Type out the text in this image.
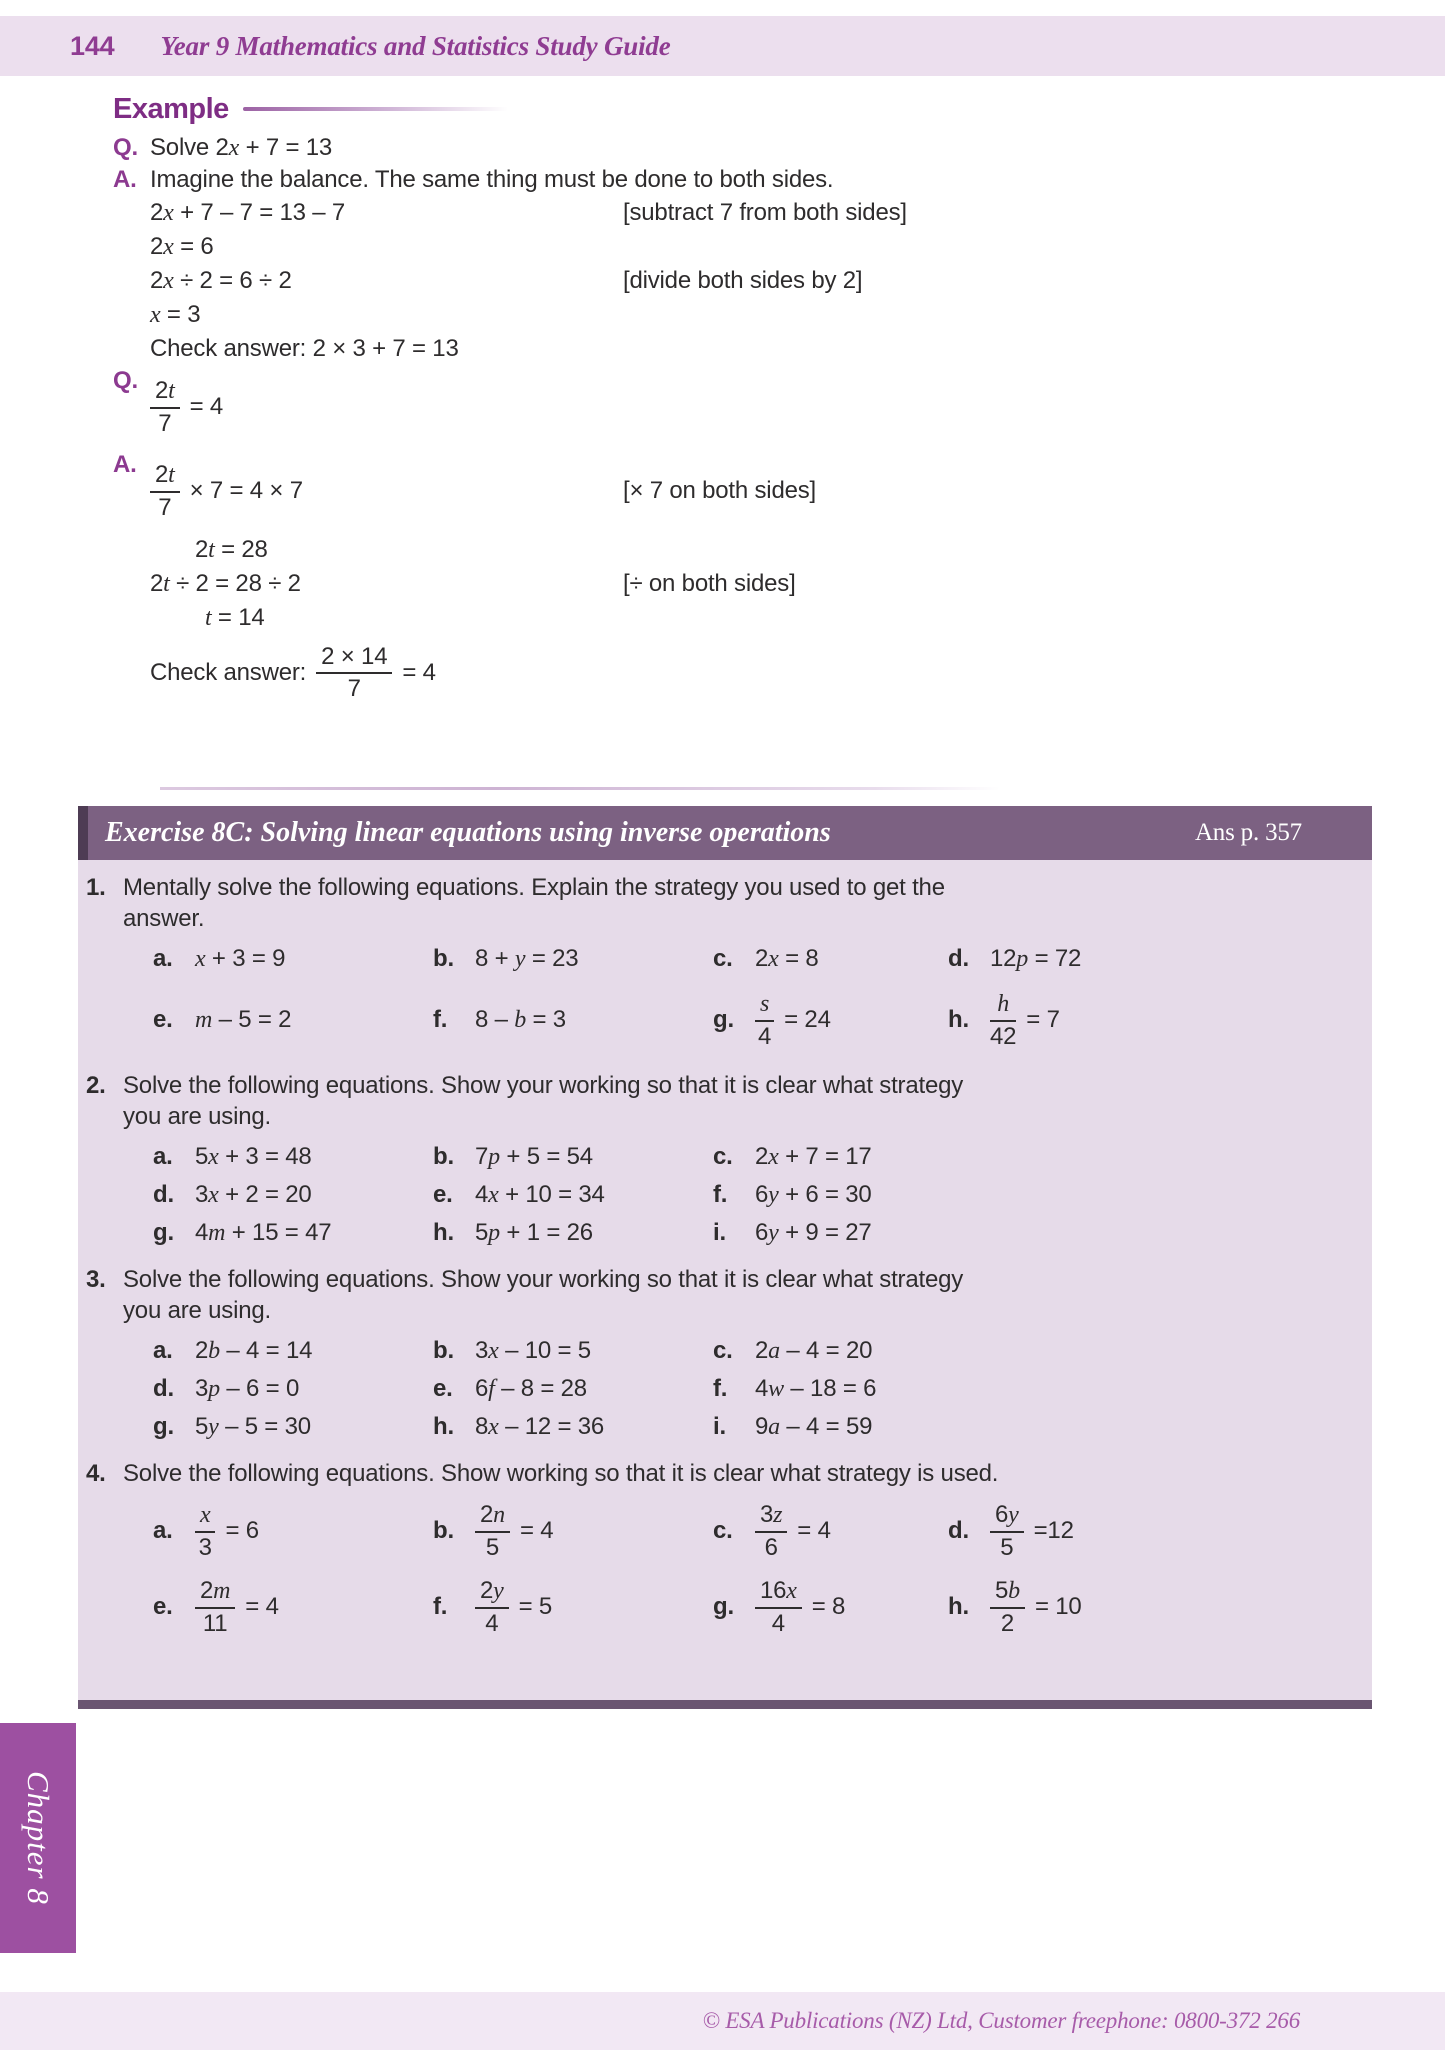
144 Year 9 Mathematics and Statistics Study Guide
Example
Q. Solve 2x + 7 = 13
A. Imagine the balance. The same thing must be done to both sides.
2x + 7 – 7 = 13 – 7	[subtract 7 from both sides]
2x = 6
2x ÷ 2 = 6 ÷ 2	[divide both sides by 2]
x = 3
Check answer: 2 × 3 + 7 = 13
Q. $\frac{2t}{7} = 4$
A. $\frac{2t}{7} \times 7 = 4 \times 7$	[× 7 on both sides]
2t = 28
2t ÷ 2 = 28 ÷ 2	[÷ on both sides]
t = 14
Check answer: $\frac{2 \times 14}{7} = 4$
Exercise 8C: Solving linear equations using inverse operations	Ans p. 357
1. Mentally solve the following equations. Explain the strategy you used to get the
answer.
a. x + 3 = 9	b. 8 + y = 23	c. 2x = 8	d. 12p = 72
e. m – 5 = 2	f.	8 – b = 3	g. $\frac{s}{4} = 24$	h. $\frac{h}{42} = 7$
2. Solve the following equations. Show your working so that it is clear what strategy
you are using.
a. 5x + 3 = 48	b. 7p + 5 = 54	c. 2x + 7 = 17
d. 3x + 2 = 20	e. 4x + 10 = 34	f.	6y + 6 = 30
g. 4m + 15 = 47	h. 5p + 1 = 26	i.	6y + 9 = 27
3. Solve the following equations. Show your working so that it is clear what strategy
you are using.
a. 2b – 4 = 14	b. 3x – 10 = 5	c. 2a – 4 = 20
d. 3p – 6 = 0	e. 6f – 8 = 28	f.	4w – 18 = 6
g. 5y – 5 = 30	h. 8x – 12 = 36	i.	9a – 4 = 59
4. Solve the following equations. Show working so that it is clear what strategy is used.
a. $\frac{x}{3} = 6$	b. $\frac{2n}{5} = 4$	c. $\frac{3z}{6} = 4$	d. $\frac{6y}{5} =12$
e. $\frac{2m}{11} = 4$	f.	$\frac{2y}{4} = 5$	g. $\frac{16x}{4} = 8$	h. $\frac{5b}{2} = 10$
Chapter 8
© ESA Publications (NZ) Ltd, Customer freephone: 0800-372 266
